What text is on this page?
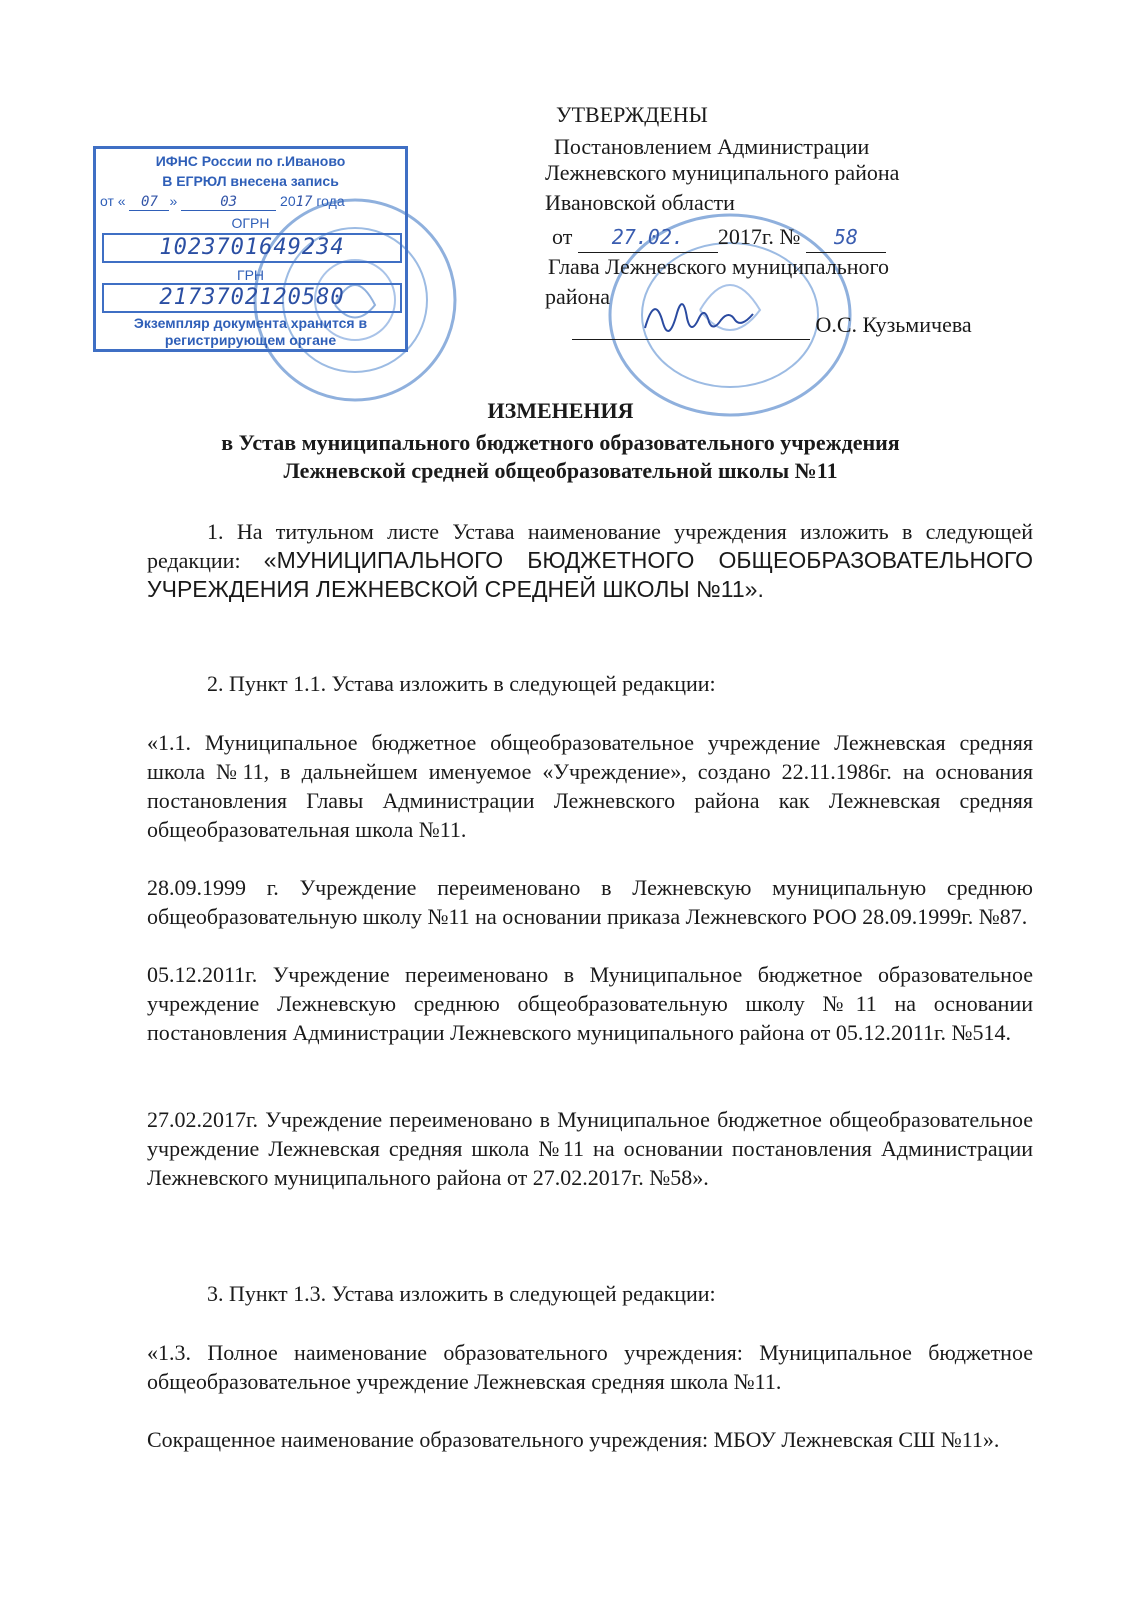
ИФНС России по г.Иваново
В ЕГРЮЛ внесена запись
от « 07 »	03	2017 года
ОГРН
1023701649234
ГРН
2173702120580
Экземпляр документа хранится в
регистрирующем органе
УТВЕРЖДЕНЫ
Постановлением Администрации
Лежневского муниципального района
Ивановской области
от 27.02. 2017г. № 58
Глава Лежневского муниципального
района
О.С. Кузьмичева
ИЗМЕНЕНИЯ
в Устав муниципального бюджетного образовательного учреждения
Лежневской средней общеобразовательной школы №11
1. На титульном листе Устава наименование учреждения изложить в следующей редакции: «МУНИЦИПАЛЬНОГО БЮДЖЕТНОГО ОБЩЕОБРАЗОВАТЕЛЬНОГО УЧРЕЖДЕНИЯ ЛЕЖНЕВСКОЙ СРЕДНЕЙ ШКОЛЫ №11».
2. Пункт 1.1. Устава изложить в следующей редакции:
«1.1. Муниципальное бюджетное общеобразовательное учреждение Лежневская средняя школа №11, в дальнейшем именуемое «Учреждение», создано 22.11.1986г. на основания постановления Главы Администрации Лежневского района как Лежневская средняя общеобразовательная школа №11.
28.09.1999 г. Учреждение переименовано в Лежневскую муниципальную среднюю общеобразовательную школу №11 на основании приказа Лежневского РОО 28.09.1999г. №87.
05.12.2011г. Учреждение переименовано в Муниципальное бюджетное образовательное учреждение Лежневскую среднюю общеобразовательную школу №11 на основании постановления Администрации Лежневского муниципального района от 05.12.2011г. №514.
27.02.2017г. Учреждение переименовано в Муниципальное бюджетное общеобразовательное учреждение Лежневская средняя школа №11 на основании постановления Администрации Лежневского муниципального района от 27.02.2017г. №58».
3. Пункт 1.3. Устава изложить в следующей редакции:
«1.3. Полное наименование образовательного учреждения: Муниципальное бюджетное общеобразовательное учреждение Лежневская средняя школа №11.
Сокращенное наименование образовательного учреждения: МБОУ Лежневская СШ №11».
